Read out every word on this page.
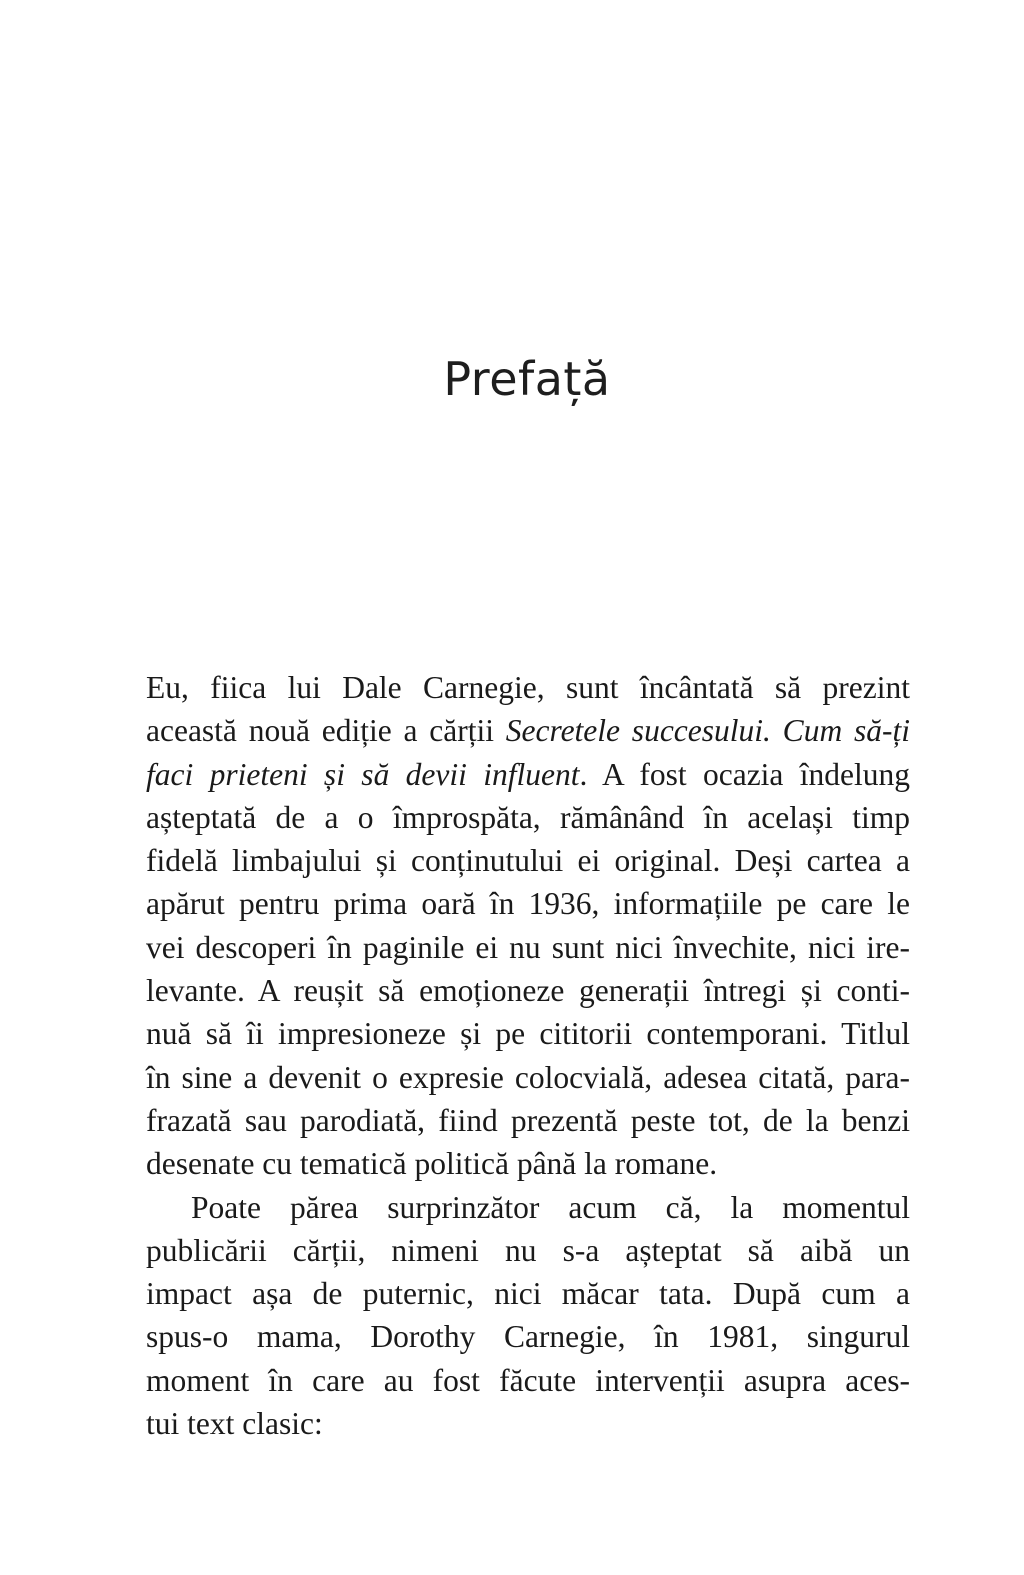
Prefață
Eu, fiica lui Dale Carnegie, sunt încântată să prezint
această nouă ediție a cărții Secretele succesului. Cum să-ți
faci prieteni și să devii influent. A fost ocazia îndelung
așteptată de a o împrospăta, rămânând în același timp
fidelă limbajului și conținutului ei original. Deși cartea a
apărut pentru prima oară în 1936, informațiile pe care le
vei descoperi în paginile ei nu sunt nici învechite, nici ire-
levante. A reușit să emoționeze generații întregi și conti-
nuă să îi impresioneze și pe cititorii contemporani. Titlul
în sine a devenit o expresie colocvială, adesea citată, para-
frazată sau parodiată, fiind prezentă peste tot, de la benzi
desenate cu tematică politică până la romane.
Poate părea surprinzător acum că, la momentul
publicării cărții, nimeni nu s-a așteptat să aibă un
impact așa de puternic, nici măcar tata. După cum a
spus-o mama, Dorothy Carnegie, în 1981, singurul
moment în care au fost făcute intervenții asupra aces-
tui text clasic:
